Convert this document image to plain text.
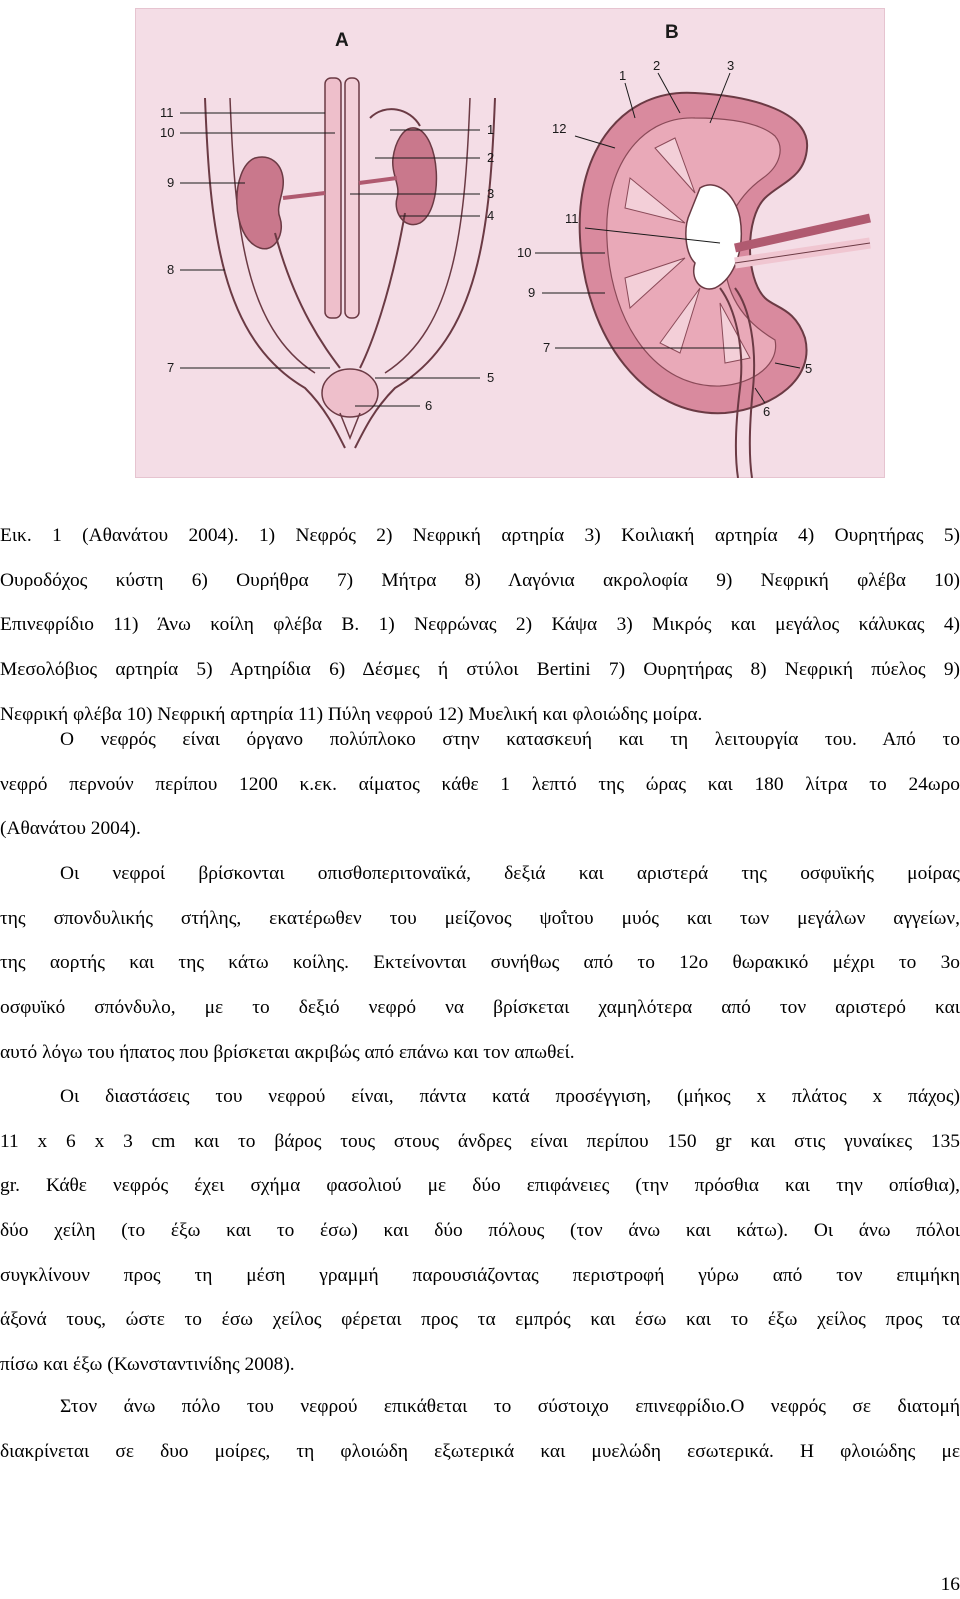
A
11
10
9
8
7
1
2
3
4
5
6
B
1
2	3
12
11
10
9
7
5
6
Εικ. 1 (Αθανάτου 2004). 1) Νεφρός 2) Νεφρική αρτηρία 3) Κοιλιακή αρτηρία 4) Ουρητήρας 5)
Ουροδόχος κύστη 6) Ουρήθρα 7) Μήτρα 8) Λαγόνια ακρολοφία 9) Νεφρική φλέβα 10)
Επινεφρίδιο 11) Άνω κοίλη φλέβα B. 1) Νεφρώνας 2) Κάψα 3) Μικρός και μεγάλος κάλυκας 4)
Μεσολόβιος αρτηρία 5) Αρτηρίδια 6) Δέσμες ή στύλοι Bertini 7) Ουρητήρας 8) Νεφρική πύελος 9)
Νεφρική φλέβα 10) Νεφρική αρτηρία 11) Πύλη νεφρού 12) Μυελική και φλοιώδης μοίρα.
Ο νεφρός είναι όργανο πολύπλοκο στην κατασκευή και τη λειτουργία του. Από το
νεφρό περνούν περίπου 1200 κ.εκ. αίματος κάθε 1 λεπτό της ώρας και 180 λίτρα το 24ωρο
(Αθανάτου 2004).
Οι νεφροί βρίσκονται οπισθοπεριτοναϊκά, δεξιά και αριστερά της οσφυϊκής μοίρας
της σπονδυλικής στήλης, εκατέρωθεν του μείζονος ψοΐτου μυός και των μεγάλων αγγείων,
της αορτής και της κάτω κοίλης. Εκτείνονται συνήθως από το 12ο θωρακικό μέχρι το 3ο
οσφυϊκό σπόνδυλο, με το δεξιό νεφρό να βρίσκεται χαμηλότερα από τον αριστερό και
αυτό λόγω του ήπατος που βρίσκεται ακριβώς από επάνω και τον απωθεί.
Οι διαστάσεις του νεφρού είναι, πάντα κατά προσέγγιση, (μήκος x πλάτος x πάχος)
11 x 6 x 3 cm και το βάρος τους στους άνδρες είναι περίπου 150 gr και στις γυναίκες 135
gr. Κάθε νεφρός έχει σχήμα φασολιού με δύο επιφάνειες (την πρόσθια και την οπίσθια),
δύο χείλη (το έξω και το έσω) και δύο πόλους (τον άνω και κάτω). Οι άνω πόλοι
συγκλίνουν προς τη μέση γραμμή παρουσιάζοντας περιστροφή γύρω από τον επιμήκη
άξονά τους, ώστε το έσω χείλος φέρεται προς τα εμπρός και έσω και το έξω χείλος προς τα
πίσω και έξω (Κωνσταντινίδης 2008).
Στον άνω πόλο του νεφρού επικάθεται το σύστοιχο επινεφρίδιο.Ο νεφρός σε διατομή
διακρίνεται σε δυο μοίρες, τη φλοιώδη εξωτερικά και μυελώδη εσωτερικά. Η φλοιώδης με
16
